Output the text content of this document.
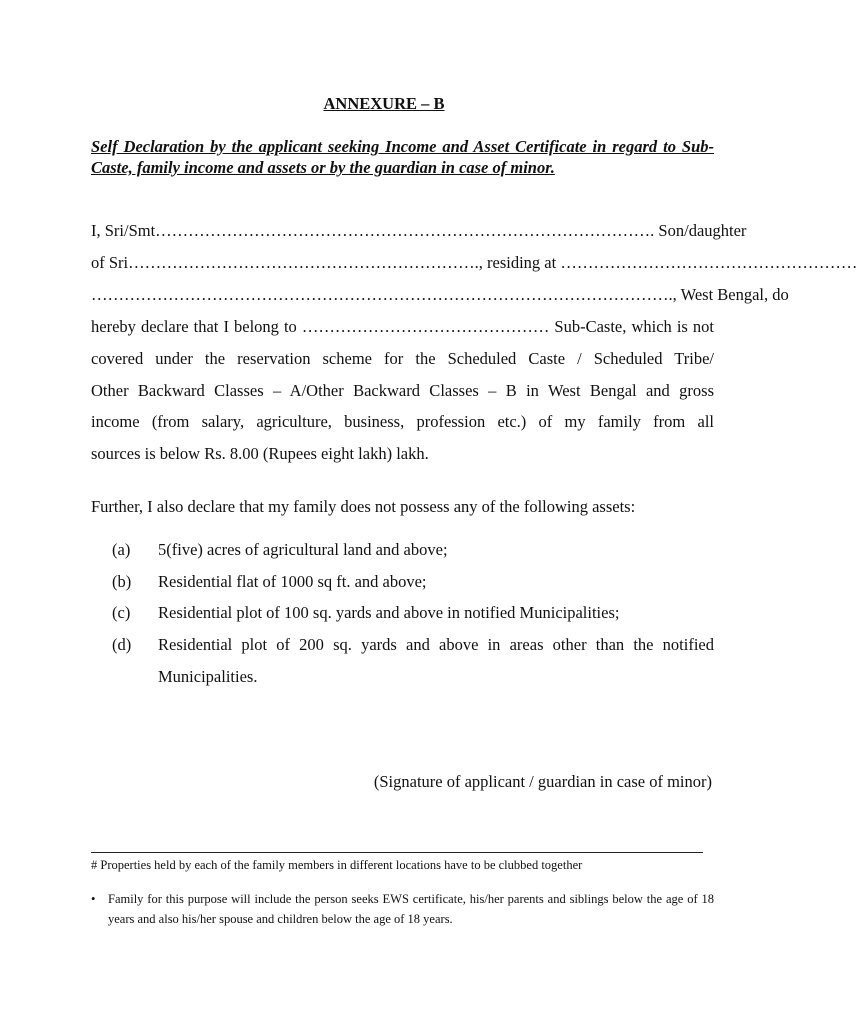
ANNEXURE – B
Self Declaration by the applicant seeking Income and Asset Certificate in regard to Sub-Caste, family income and assets or by the guardian in case of minor.
I, Sri/Smt………………………………………………………………………………. Son/daughter
of Sri………………………………………………………., residing at ………………………………………………
……………………………………………………………………………………………., West Bengal, do
hereby declare that I belong to ……………………………………… Sub-Caste, which is not
covered under the reservation scheme for the Scheduled Caste / Scheduled Tribe/
Other Backward Classes – A/Other Backward Classes – B in West Bengal and gross
income (from salary, agriculture, business, profession etc.) of my family from all
sources is below Rs. 8.00 (Rupees eight lakh) lakh.
Further, I also declare that my family does not possess any of the following assets:
(a) 5(five) acres of agricultural land and above;
(b) Residential flat of 1000 sq ft. and above;
(c) Residential plot of 100 sq. yards and above in notified Municipalities;
(d) Residential plot of 200 sq. yards and above in areas other than the notified Municipalities.
(Signature of applicant / guardian in case of minor)
# Properties held by each of the family members in different locations have to be clubbed together
• Family for this purpose will include the person seeks EWS certificate, his/her parents and siblings below the age of 18 years and also his/her spouse and children below the age of 18 years.
